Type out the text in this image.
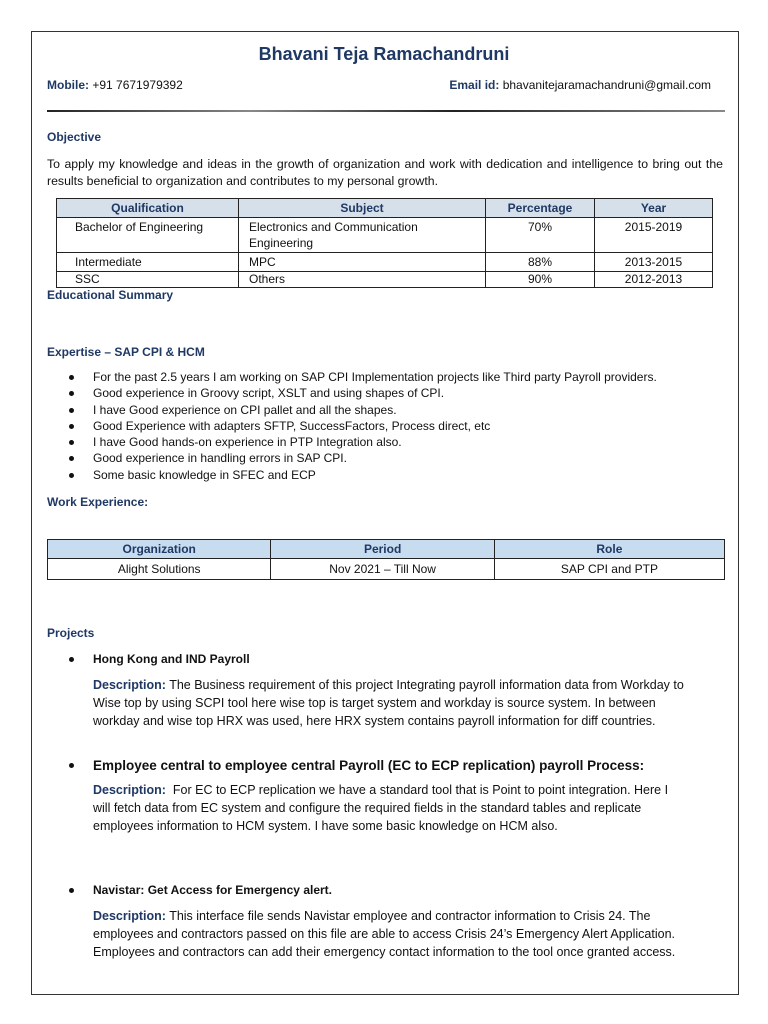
Bhavani Teja Ramachandruni
Mobile: +91 7671979392	Email id: bhavanitejaramachandruni@gmail.com
Objective
To apply my knowledge and ideas in the growth of organization and work with dedication and intelligence to bring out the results beneficial to organization and contributes to my personal growth.
Qualification	Subject	Percentage	Year
Bachelor of Engineering	Electronics and Communication Engineering	70%	2015-2019
Intermediate	MPC	88%	2013-2015
SSC	Others	90%	2012-2013
Educational Summary
Expertise – SAP CPI & HCM
For the past 2.5 years I am working on SAP CPI Implementation projects like Third party Payroll providers.
Good experience in Groovy script, XSLT and using shapes of CPI.
I have Good experience on CPI pallet and all the shapes.
Good Experience with adapters SFTP, SuccessFactors, Process direct, etc
I have Good hands-on experience in PTP Integration also.
Good experience in handling errors in SAP CPI.
Some basic knowledge in SFEC and ECP
Work Experience:
Organization	Period	Role
Alight Solutions	Nov 2021 – Till Now	SAP CPI and PTP
Projects
Hong Kong and IND Payroll
Description: The Business requirement of this project Integrating payroll information data from Workday to Wise top by using SCPI tool here wise top is target system and workday is source system. In between workday and wise top HRX was used, here HRX system contains payroll information for diff countries.
Employee central to employee central Payroll (EC to ECP replication) payroll Process:
Description: For EC to ECP replication we have a standard tool that is Point to point integration. Here I will fetch data from EC system and configure the required fields in the standard tables and replicate employees information to HCM system. I have some basic knowledge on HCM also.
Navistar: Get Access for Emergency alert.
Description: This interface file sends Navistar employee and contractor information to Crisis 24. The employees and contractors passed on this file are able to access Crisis 24’s Emergency Alert Application. Employees and contractors can add their emergency contact information to the tool once granted access.
